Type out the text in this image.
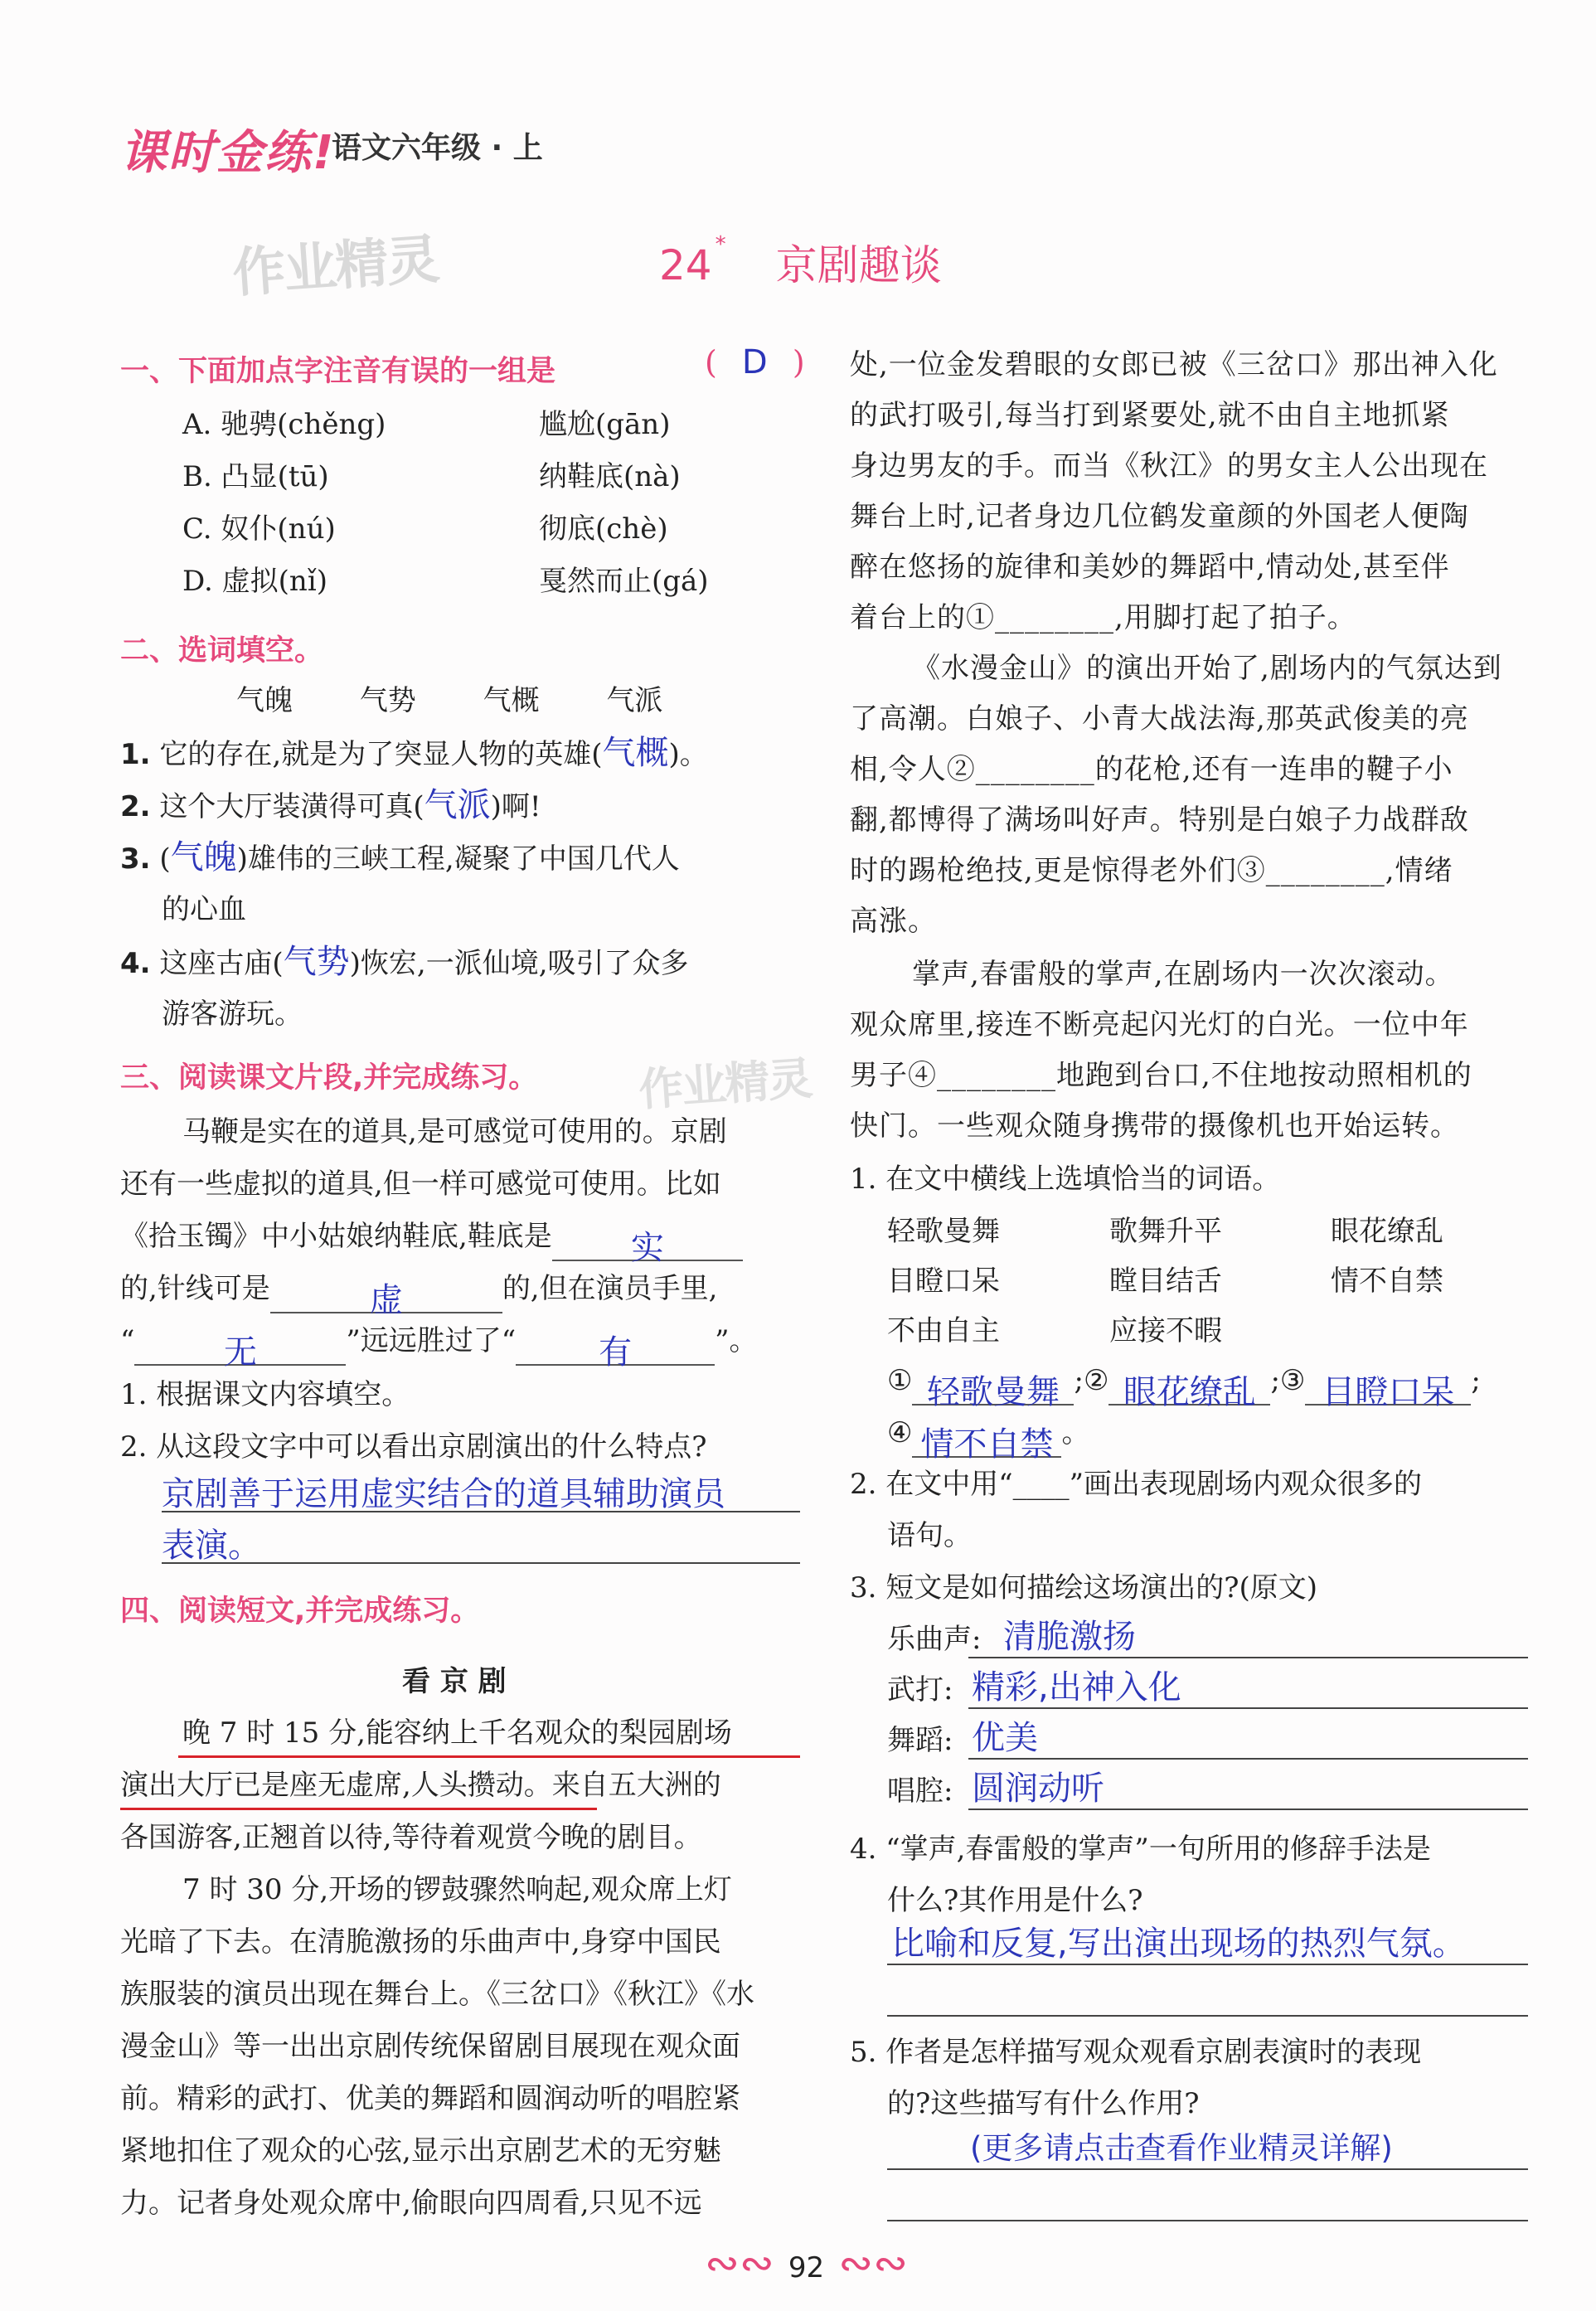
课时金练!
语文六年级 · 上
作业精灵	24 * 京剧趣谈
一、下面加点字注音有误的一组是	( D )
A. 驰骋(chěng)	尴尬(gān)
B. 凸显(tū)	纳鞋底(nà)
C. 奴仆(nú)	彻底(chè)
D. 虚拟(nǐ)	戛然而止(gá)
二、选词填空。
气魄 气势 气概 气派
1. 它的存在,就是为了突显人物的英雄(气概)。
2. 这个大厅装潢得可真(气派)啊!
3. (气魄)雄伟的三峡工程,凝聚了中国几代人
的心血
4. 这座古庙(气势)恢宏,一派仙境,吸引了众多
游客游玩。
三、阅读课文片段,并完成练习。 作业精灵
马鞭是实在的道具,是可感觉可使用的。京剧
还有一些虚拟的道具,但一样可感觉可使用。比如
《拾玉镯》中小姑娘纳鞋底,鞋底是 实
的,针线可是	虚	的,但在演员手里,
“	无	”远远胜过了“	有	”。
1. 根据课文内容填空。
2. 从这段文字中可以看出京剧演出的什么特点?
京剧善于运用虚实结合的道具辅助演员
表演。
四、阅读短文,并完成练习。
看 京 剧
晚 7 时 15 分,能容纳上千名观众的梨园剧场
演出大厅已是座无虚席,人头攒动。来自五大洲的
各国游客,正翘首以待,等待着观赏今晚的剧目。
7 时 30 分,开场的锣鼓骤然响起,观众席上灯
光暗了下去。在清脆激扬的乐曲声中,身穿中国民
族服装的演员出现在舞台上。《三岔口》《秋江》《水
漫金山》等一出出京剧传统保留剧目展现在观众面
前。精彩的武打、优美的舞蹈和圆润动听的唱腔紧
紧地扣住了观众的心弦,显示出京剧艺术的无穷魅
力。记者身处观众席中,偷眼向四周看,只见不远
处,一位金发碧眼的女郎已被《三岔口》那出神入化
的武打吸引,每当打到紧要处,就不由自主地抓紧
身边男友的手。而当《秋江》的男女主人公出现在
舞台上时,记者身边几位鹤发童颜的外国老人便陶
醉在悠扬的旋律和美妙的舞蹈中,情动处,甚至伴
着台上的①________,用脚打起了拍子。
《水漫金山》的演出开始了,剧场内的气氛达到
了高潮。白娘子、小青大战法海,那英武俊美的亮
相,令人②________的花枪,还有一连串的鞬子小
翻,都博得了满场叫好声。特别是白娘子力战群敌
时的踢枪绝技,更是惊得老外们③________,情绪
高涨。
掌声,春雷般的掌声,在剧场内一次次滚动。
观众席里,接连不断亮起闪光灯的白光。一位中年
男子④________地跑到台口,不住地按动照相机的
快门。一些观众随身携带的摄像机也开始运转。
1. 在文中横线上选填恰当的词语。
轻歌曼舞	歌舞升平	眼花缭乱
目瞪口呆	瞠目结舌	情不自禁
不由自主	应接不暇
① 轻歌曼舞 ;② 眼花缭乱 ;③ 目瞪口呆 ;
④ 情不自禁 。
2. 在文中用“____”画出表现剧场内观众很多的
语句。
3. 短文是如何描绘这场演出的?(原文)
乐曲声: 清脆激扬
武打: 精彩,出神入化
舞蹈: 优美
唱腔: 圆润动听
4. “掌声,春雷般的掌声”一句所用的修辞手法是
什么?其作用是什么?
比喻和反复,写出演出现场的热烈气氛。
5. 作者是怎样描写观众观看京剧表演时的表现
的?这些描写有什么作用?
(更多请点击查看作业精灵详解)
∾∾ 92 ∾∾
